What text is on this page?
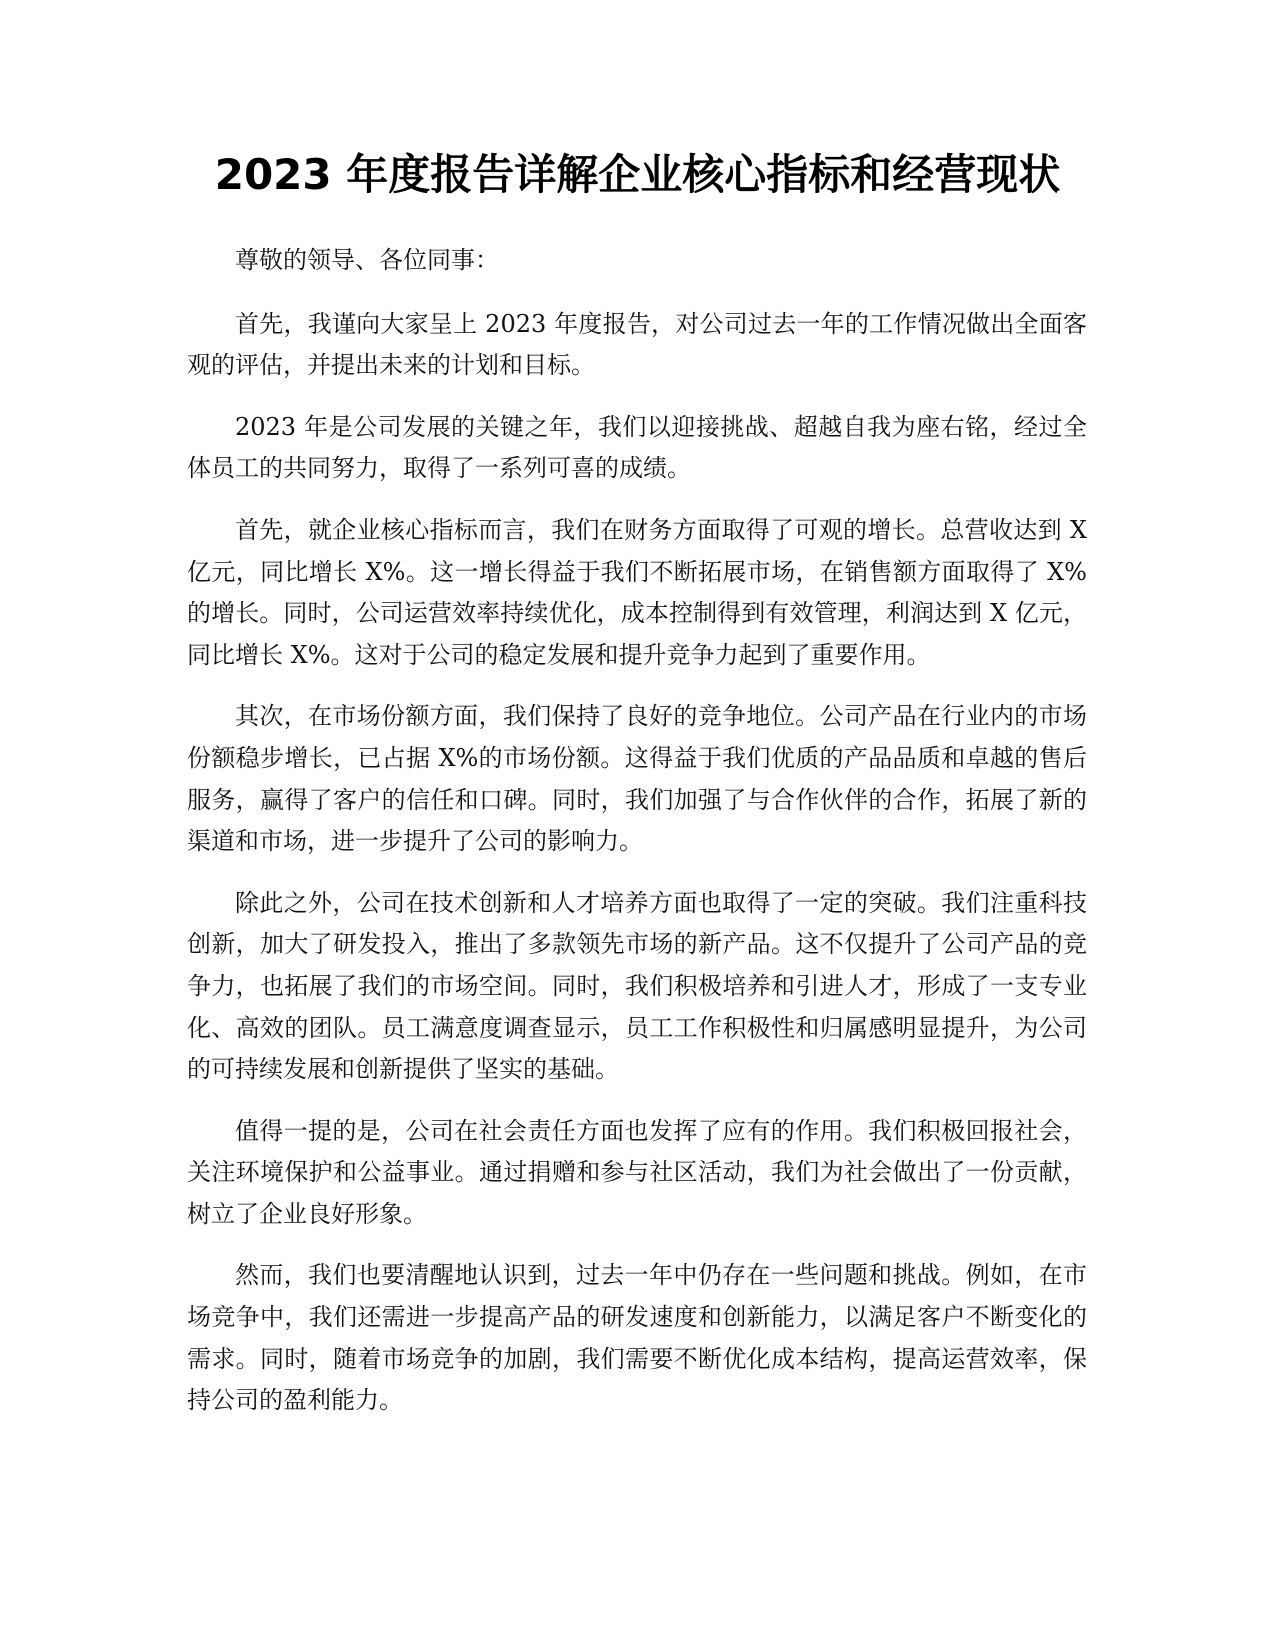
2023 年度报告详解企业核心指标和经营现状

尊敬的领导、各位同事：

首先，我谨向大家呈上 2023 年度报告，对公司过去一年的工作情况做出全面客观的评估，并提出未来的计划和目标。

2023 年是公司发展的关键之年，我们以迎接挑战、超越自我为座右铭，经过全体员工的共同努力，取得了一系列可喜的成绩。

首先，就企业核心指标而言，我们在财务方面取得了可观的增长。总营收达到 X 亿元，同比增长 X%。这一增长得益于我们不断拓展市场，在销售额方面取得了 X%的增长。同时，公司运营效率持续优化，成本控制得到有效管理，利润达到 X 亿元，同比增长 X%。这对于公司的稳定发展和提升竞争力起到了重要作用。

其次，在市场份额方面，我们保持了良好的竞争地位。公司产品在行业内的市场份额稳步增长，已占据 X%的市场份额。这得益于我们优质的产品品质和卓越的售后服务，赢得了客户的信任和口碑。同时，我们加强了与合作伙伴的合作，拓展了新的渠道和市场，进一步提升了公司的影响力。

除此之外，公司在技术创新和人才培养方面也取得了一定的突破。我们注重科技创新，加大了研发投入，推出了多款领先市场的新产品。这不仅提升了公司产品的竞争力，也拓展了我们的市场空间。同时，我们积极培养和引进人才，形成了一支专业化、高效的团队。员工满意度调查显示，员工工作积极性和归属感明显提升，为公司的可持续发展和创新提供了坚实的基础。

值得一提的是，公司在社会责任方面也发挥了应有的作用。我们积极回报社会，关注环境保护和公益事业。通过捐赠和参与社区活动，我们为社会做出了一份贡献，树立了企业良好形象。

然而，我们也要清醒地认识到，过去一年中仍存在一些问题和挑战。例如，在市场竞争中，我们还需进一步提高产品的研发速度和创新能力，以满足客户不断变化的需求。同时，随着市场竞争的加剧，我们需要不断优化成本结构，提高运营效率，保持公司的盈利能力。
